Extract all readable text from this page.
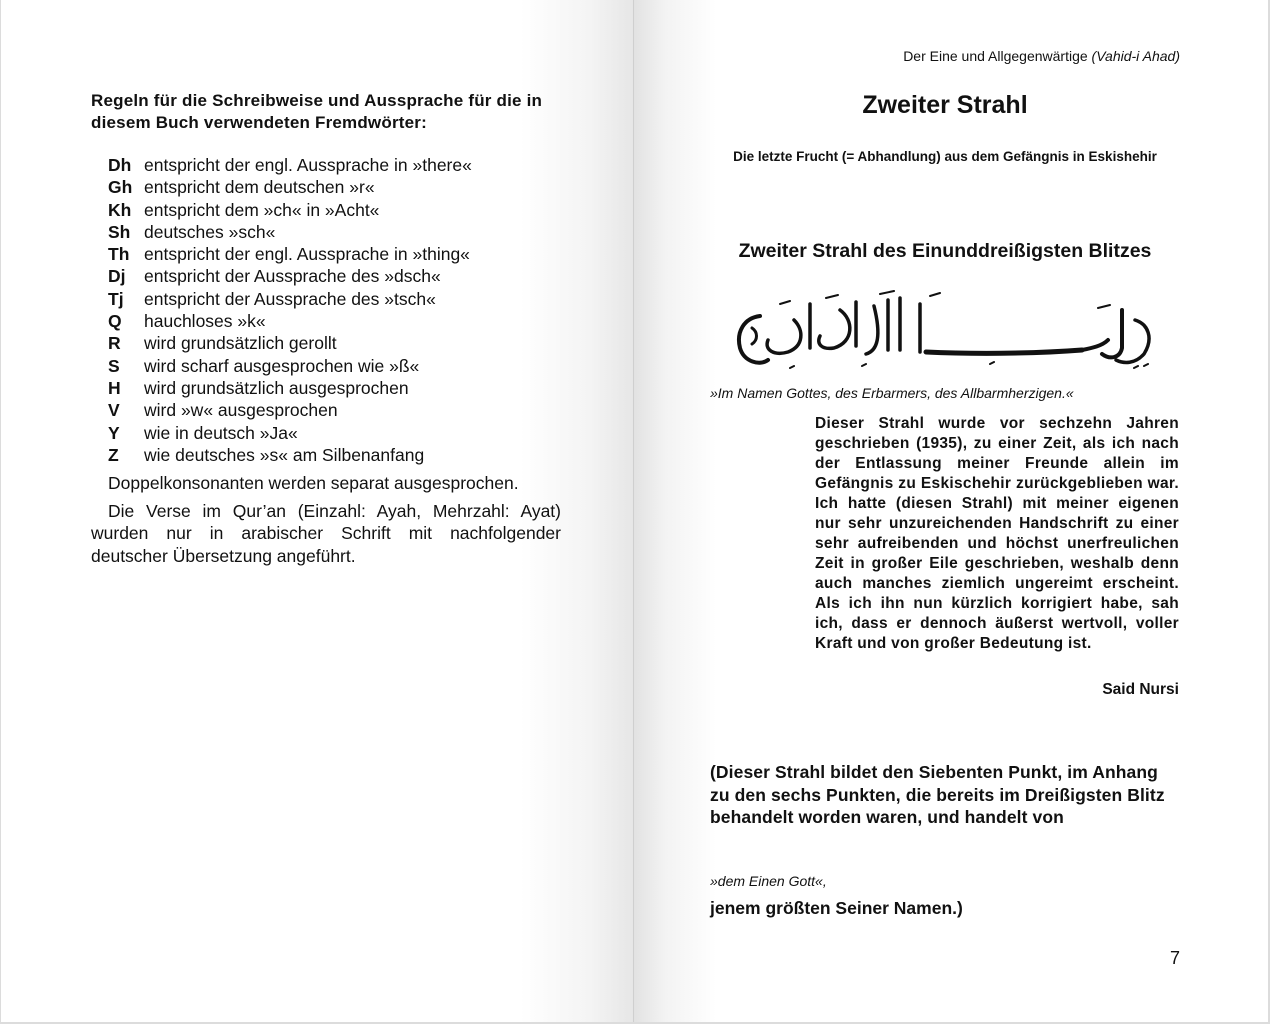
Regeln für die Schreibweise und Aussprache für die in diesem Buch verwendeten Fremdwörter:
Dh entspricht der engl. Aussprache in »there«
Gh entspricht dem deutschen »r«
Kh entspricht dem »ch« in »Acht«
Sh deutsches »sch«
Th entspricht der engl. Aussprache in »thing«
Dj entspricht der Aussprache des »dsch«
Tj entspricht der Aussprache des »tsch«
Q hauchloses »k«
R wird grundsätzlich gerollt
S wird scharf ausgesprochen wie »ß«
H wird grundsätzlich ausgesprochen
V wird »w« ausgesprochen
Y wie in deutsch »Ja«
Z wie deutsches »s« am Silbenanfang
Doppelkonsonanten werden separat ausgesprochen.
Die Verse im Qur’an (Einzahl: Ayah, Mehrzahl: Ayat) wurden nur in arabischer Schrift mit nachfolgender deutscher Übersetzung angeführt.
Der Eine und Allgegenwärtige (Vahid-i Ahad)
Zweiter Strahl
Die letzte Frucht (= Abhandlung) aus dem Gefängnis in Eskishehir
Zweiter Strahl des Einunddreißigsten Blitzes
بسم الله الرحمن الرحيم
»Im Namen Gottes, des Erbarmers, des Allbarmherzigen.«
Dieser Strahl wurde vor sechzehn Jahren geschrieben (1935), zu einer Zeit, als ich nach der Entlassung meiner Freunde allein im Gefängnis zu Eskischehir zurückgeblieben war. Ich hatte (diesen Strahl) mit meiner eigenen nur sehr unzureichenden Handschrift zu einer sehr aufreibenden und höchst unerfreulichen Zeit in großer Eile geschrieben, weshalb denn auch manches ziemlich ungereimt erscheint. Als ich ihn nun kürzlich korrigiert habe, sah ich, dass er dennoch äußerst wertvoll, voller Kraft und von großer Bedeutung ist.
Said Nursi
(Dieser Strahl bildet den Siebenten Punkt, im Anhang zu den sechs Punkten, die bereits im Dreißigsten Blitz behandelt worden waren, und handelt von
»dem Einen Gott«,
jenem größten Seiner Namen.)
7
